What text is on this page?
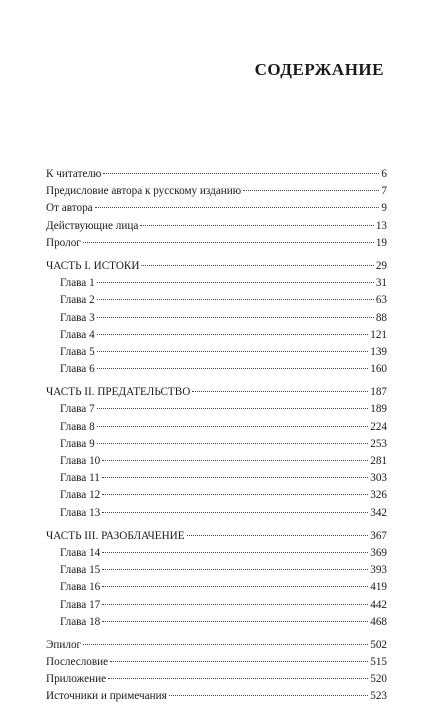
СОДЕРЖАНИЕ
К читателю	6
Предисловие автора к русскому изданию	7
От автора	9
Действующие лица	13
Пролог	19
ЧАСТЬ I. ИСТОКИ	29
Глава 1	31
Глава 2	63
Глава 3	88
Глава 4	121
Глава 5	139
Глава 6	160
ЧАСТЬ II. ПРЕДАТЕЛЬСТВО	187
Глава 7	189
Глава 8	224
Глава 9	253
Глава 10	281
Глава 11	303
Глава 12	326
Глава 13	342
ЧАСТЬ III. РАЗОБЛАЧЕНИЕ	367
Глава 14	369
Глава 15	393
Глава 16	419
Глава 17	442
Глава 18	468
Эпилог	502
Послесловие	515
Приложение	520
Источники и примечания	523
